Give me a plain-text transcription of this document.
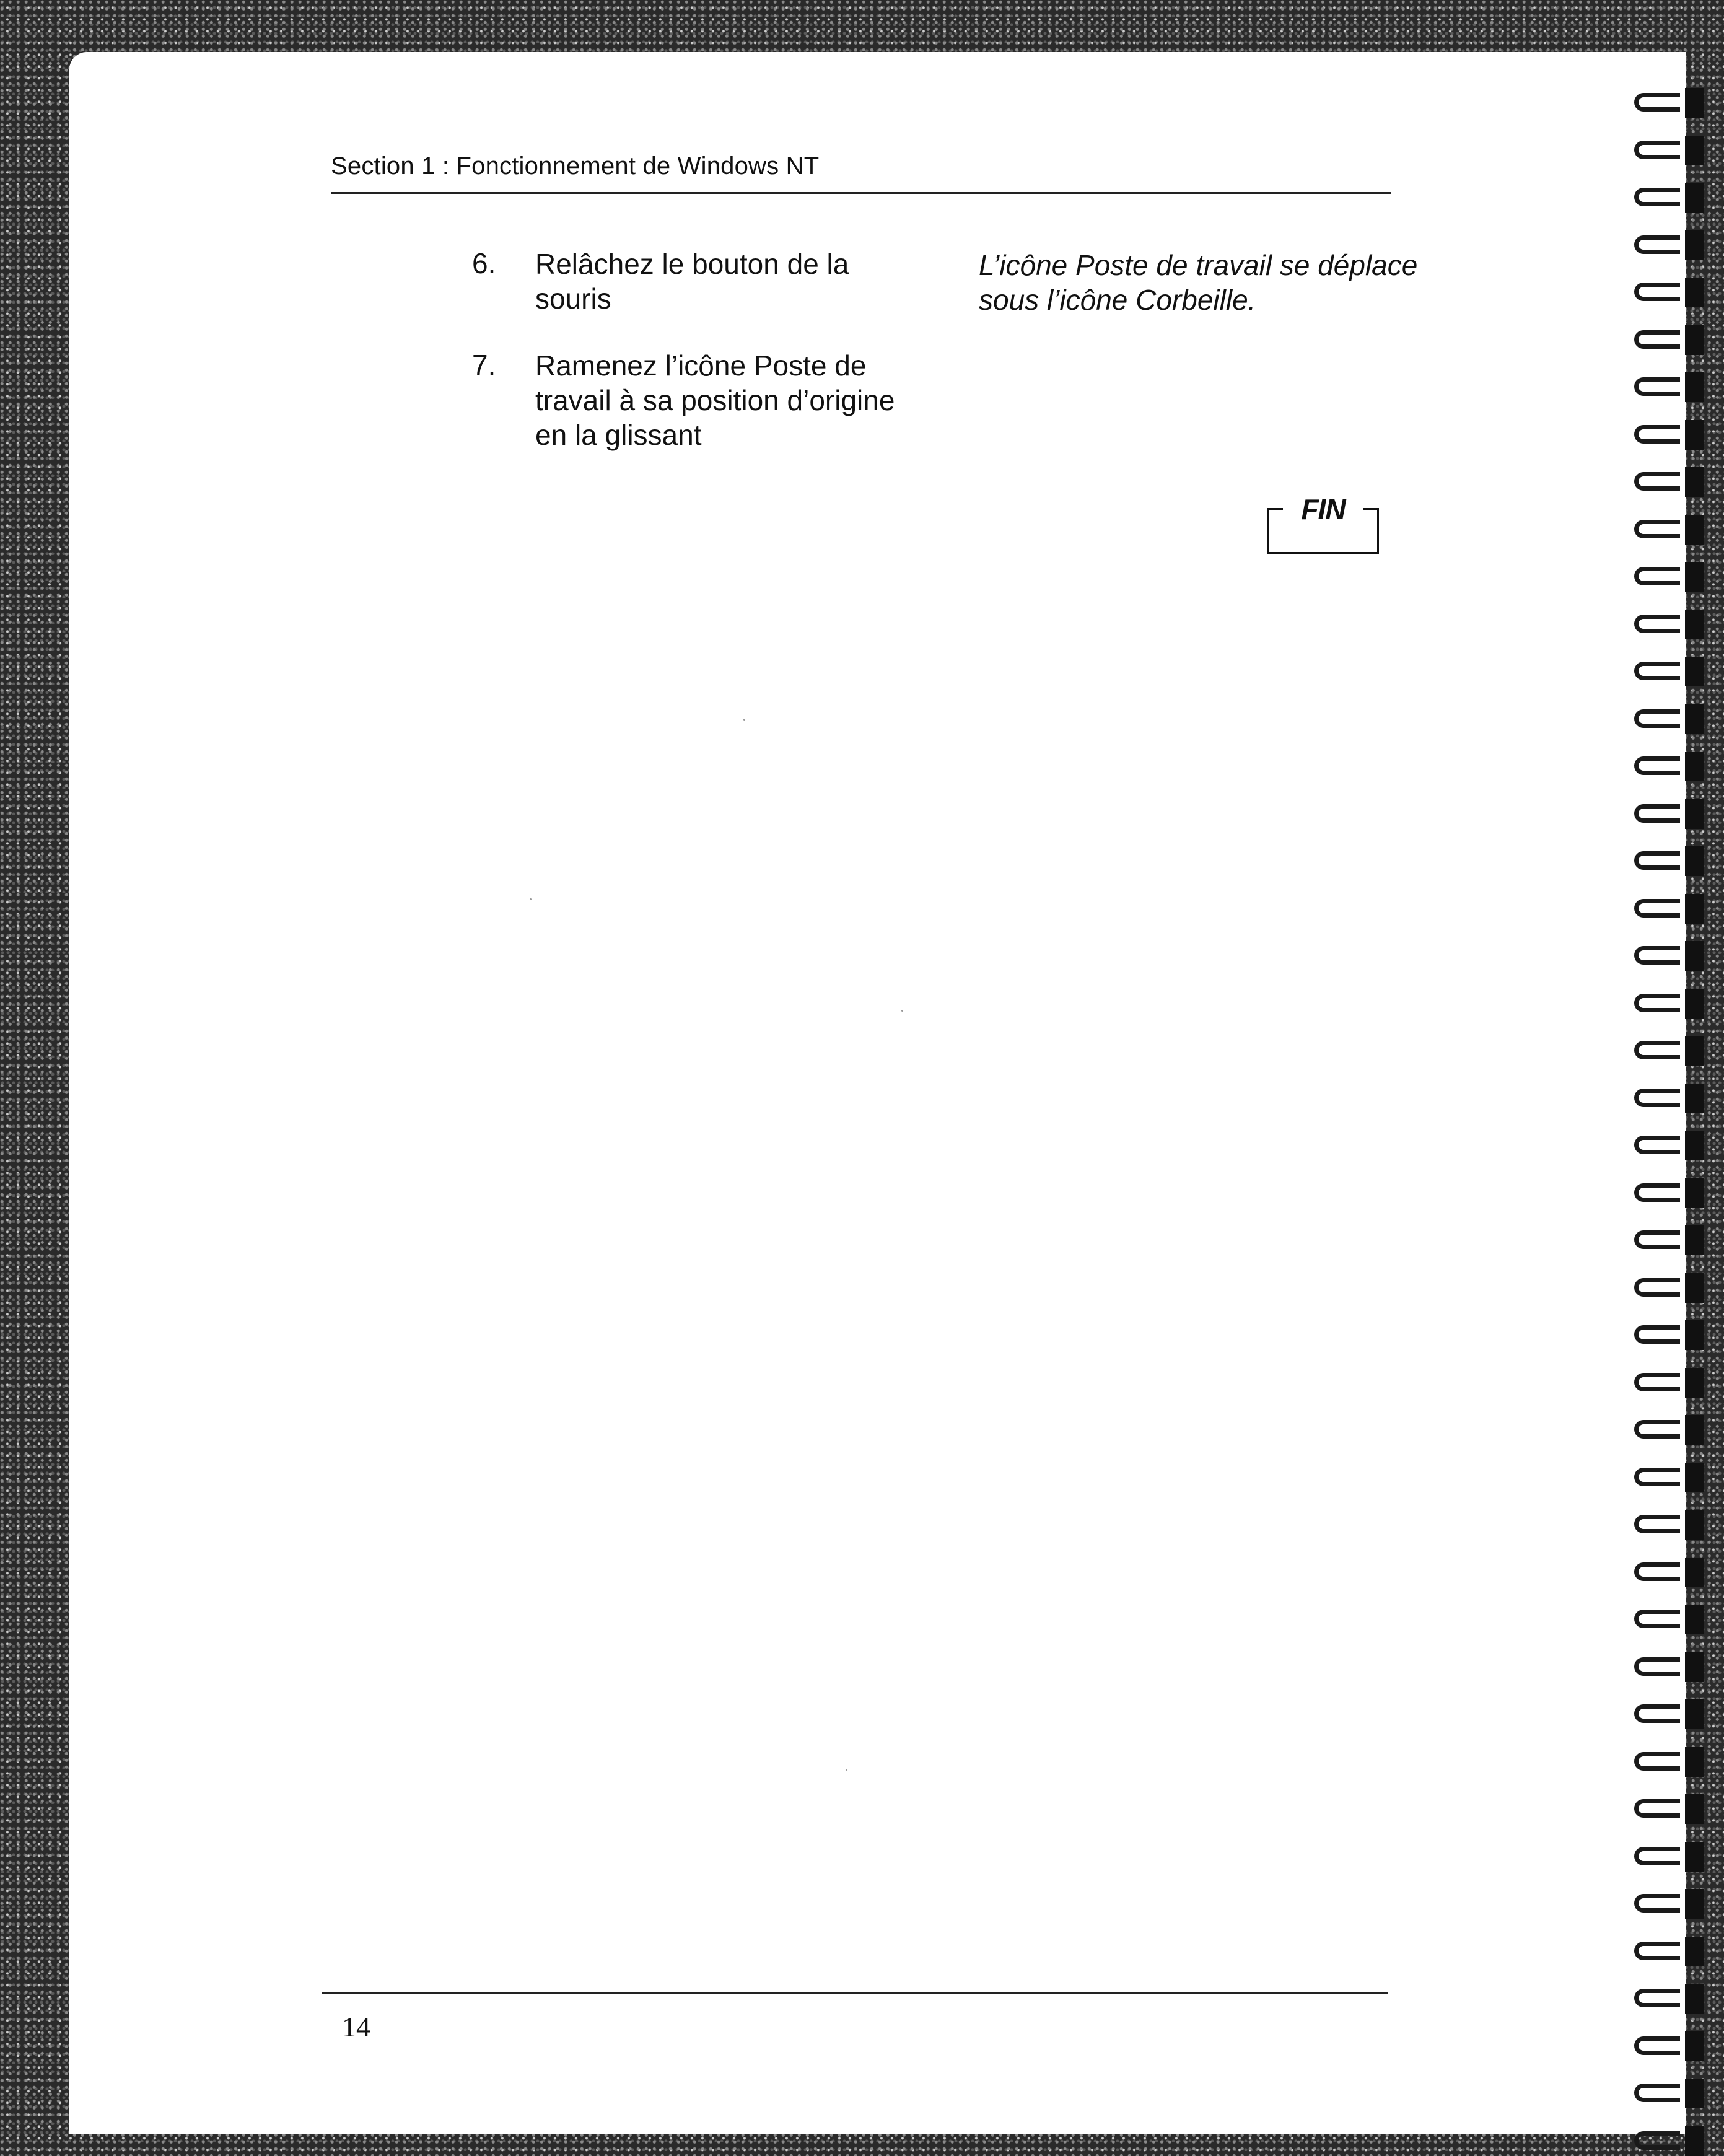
Section 1 : Fonctionnement de Windows NT
6. Relâchez le bouton de la souris
L’icône Poste de travail se déplace sous l’icône Corbeille.
7. Ramenez l’icône Poste de travail à sa position d’origine en la glissant
FIN
14
